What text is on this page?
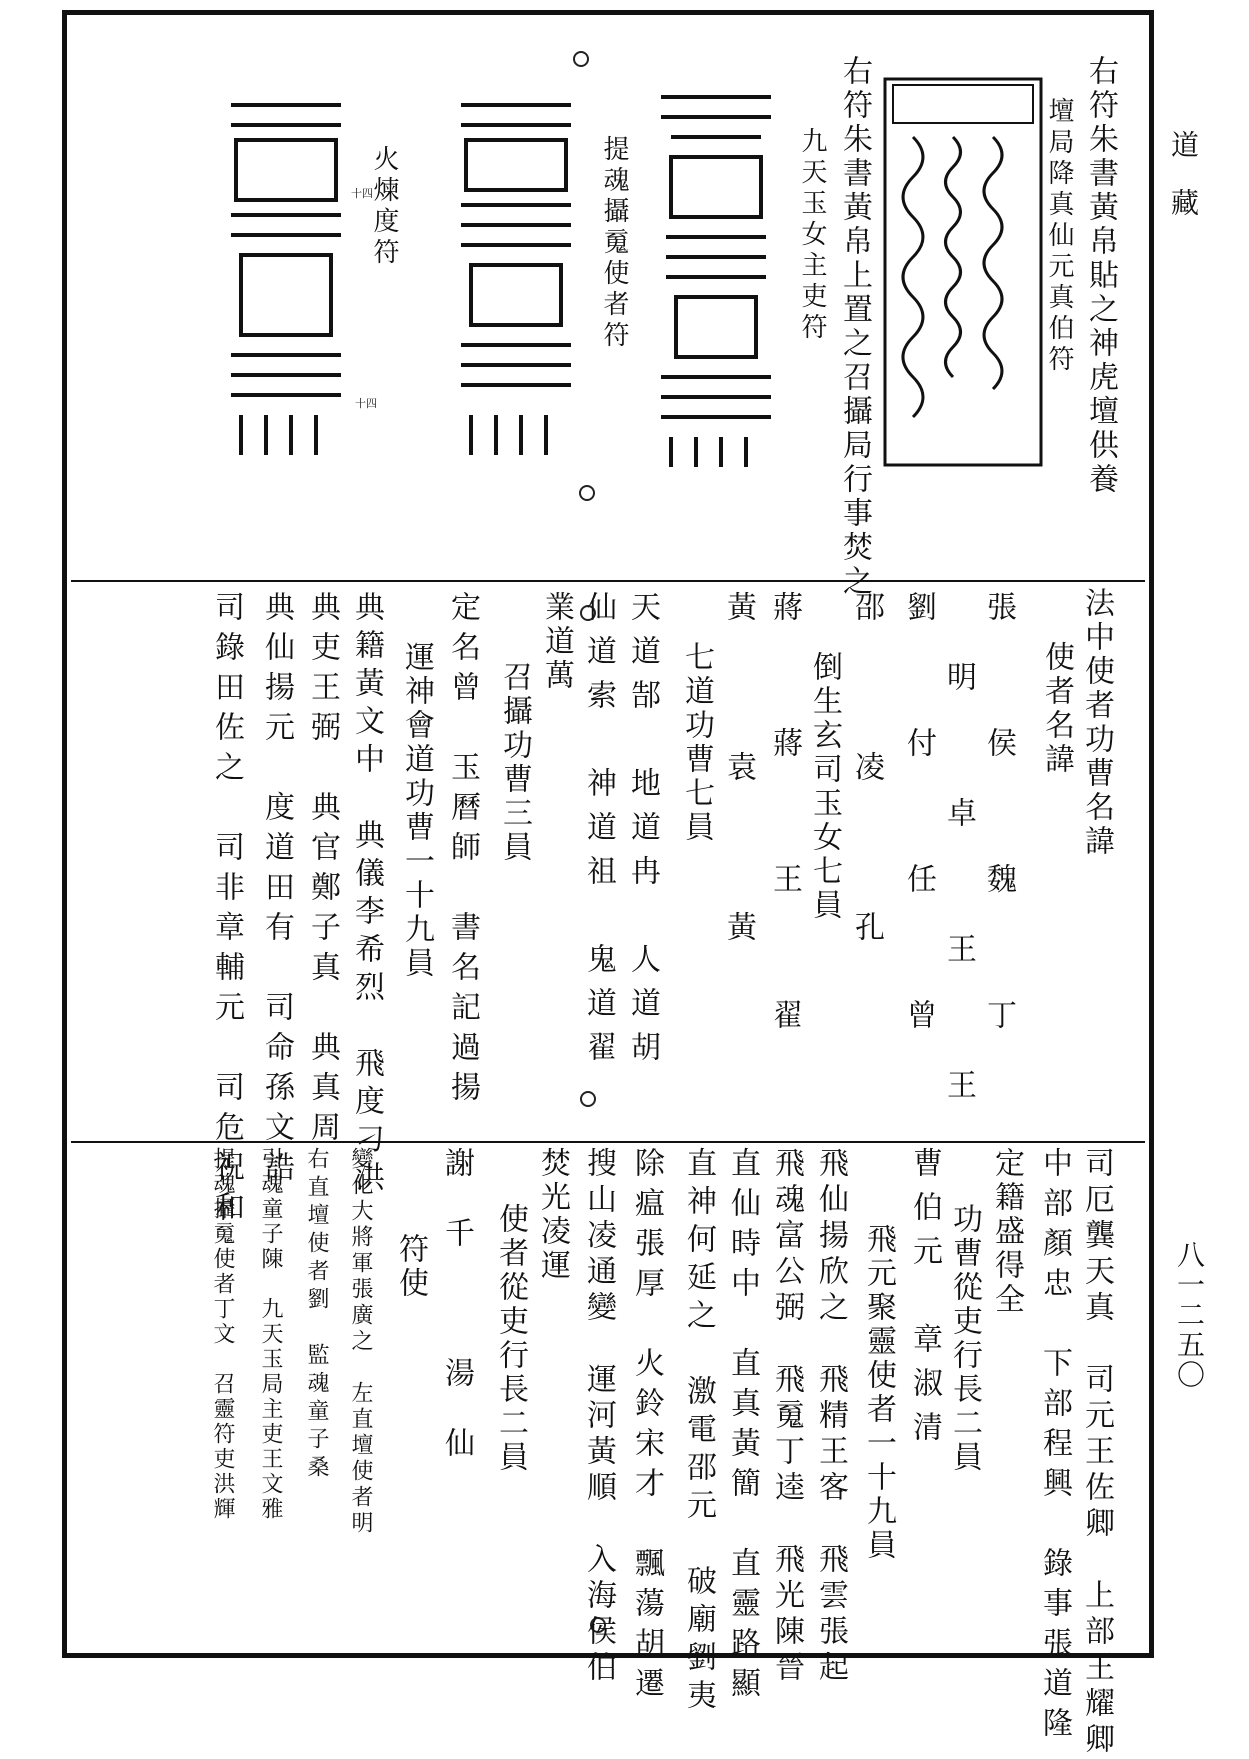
右符朱書黃帛貼之神虎壇供養
壇局降真仙元真伯符
右符朱書黃帛上置之召攝局行事焚之
九天玉女主吏符
提魂攝䰟使者符
火煉度符
十四
十四
法中使者功曹名諱
使者名諱
張　侯　魏　丁
明　卓　王　王
劉　付　任　曾
邵　凌　孔
倒生玄司玉女七員
蔣　蔣　王　翟
黃　袁　黃
七道功曹七員
天道郜　地道冉　人道胡
仙道索　神道祖　鬼道翟
業道萬
召攝功曹三員
定名曾　玉曆師　書名記過揚
運神會道功曹一十九員
典籍黃文中　典儀李希烈　飛度刁洪
典吏王弼　典官鄭子真　典真周
典仙揚元　度道田有　司命孫文誥
司錄田佐之　司非章輔元　司危祝和
司厄龔天真　司元王佐卿　上部王耀卿
中部顏忠　下部程興　錄事張道隆
定籍盛得全
功曹從吏行長二員
曹伯元　章淑清
飛元聚靈使者一十九員
飛仙揚欣之　飛精王客　飛雲張起
飛魂富公弼　飛䰟丁逵　飛光陳晉
直仙時中　直真黃簡　直靈路顯
直神何延之　激電邵元　破廟劉夷
除瘟張厚　火鈴宋才　飄蕩胡遷
搜山凌通變　運河黃順　入海侯伯
焚光凌運
使者從吏行長二員
謝千　湯仙
符使
變化大將軍張廣之　左直壇使者明
右直壇使者劉　監魂童子桑
引魂童子陳　九天玉局主吏王文雅
提魂攝䰟使者丁文　召靈符吏洪輝
道藏
八一二五〇
